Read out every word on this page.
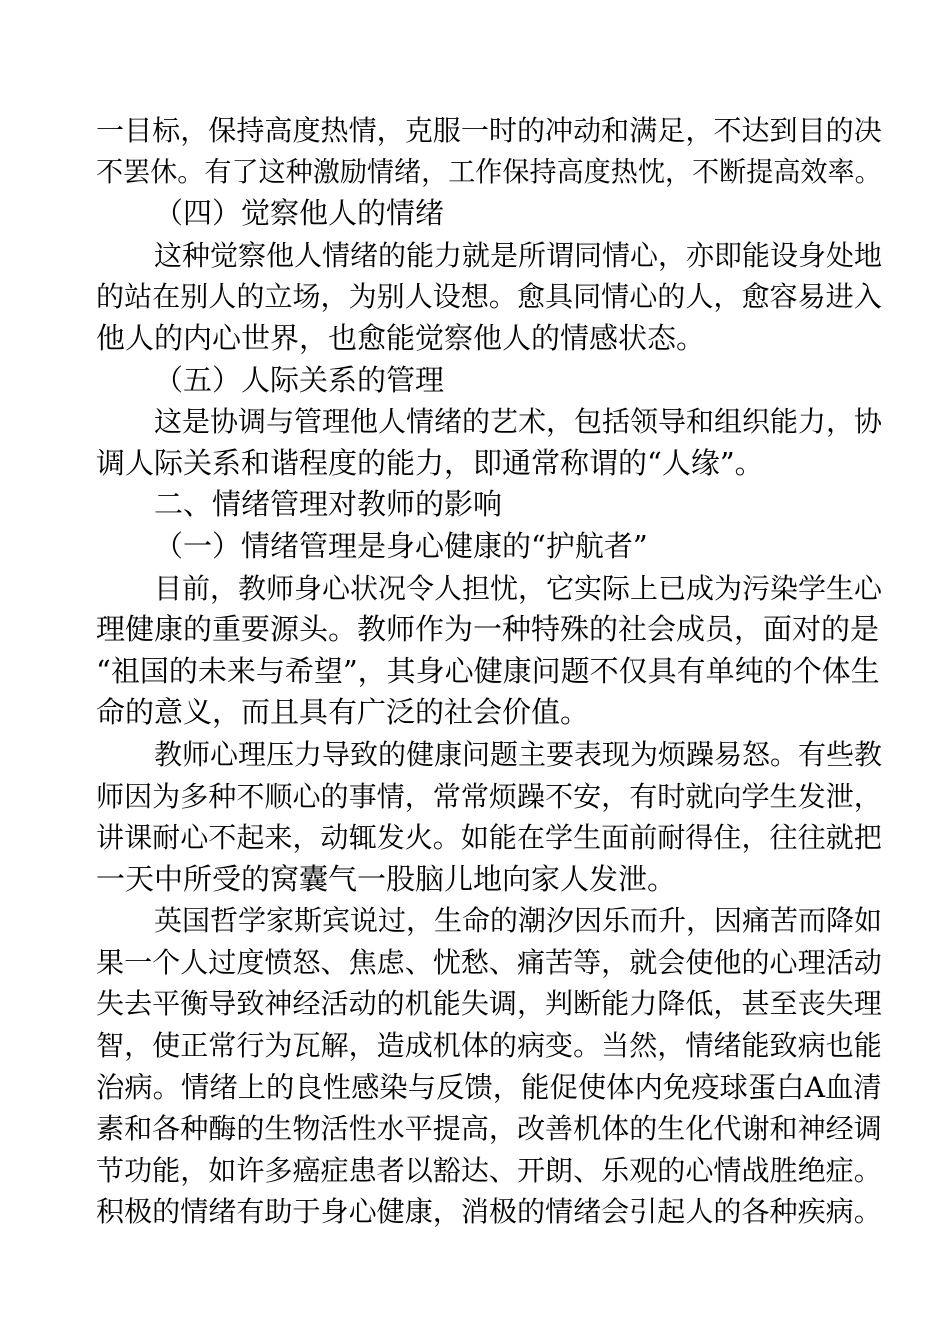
一目标，保持高度热情，克服一时的冲动和满足，不达到目的决
不罢休。有了这种激励情绪，工作保持高度热忱，不断提高效率。
（四）觉察他人的情绪
这种觉察他人情绪的能力就是所谓同情心，亦即能设身处地
的站在别人的立场，为别人设想。愈具同情心的人，愈容易进入
他人的内心世界，也愈能觉察他人的情感状态。
（五）人际关系的管理
这是协调与管理他人情绪的艺术，包括领导和组织能力，协
调人际关系和谐程度的能力，即通常称谓的“人缘”。
二、情绪管理对教师的影响
（一）情绪管理是身心健康的“护航者”
目前，教师身心状况令人担忧，它实际上已成为污染学生心
理健康的重要源头。教师作为一种特殊的社会成员，面对的是
“祖国的未来与希望”，其身心健康问题不仅具有单纯的个体生
命的意义，而且具有广泛的社会价值。
教师心理压力导致的健康问题主要表现为烦躁易怒。有些教
师因为多种不顺心的事情，常常烦躁不安，有时就向学生发泄，
讲课耐心不起来，动辄发火。如能在学生面前耐得住，往往就把
一天中所受的窝囊气一股脑儿地向家人发泄。
英国哲学家斯宾说过，生命的潮汐因乐而升，因痛苦而降如
果一个人过度愤怒、焦虑、忧愁、痛苦等，就会使他的心理活动
失去平衡导致神经活动的机能失调，判断能力降低，甚至丧失理
智，使正常行为瓦解，造成机体的病变。当然，情绪能致病也能
治病。情绪上的良性感染与反馈，能促使体内免疫球蛋白A血清
素和各种酶的生物活性水平提高，改善机体的生化代谢和神经调
节功能，如许多癌症患者以豁达、开朗、乐观的心情战胜绝症。
积极的情绪有助于身心健康，消极的情绪会引起人的各种疾病。
